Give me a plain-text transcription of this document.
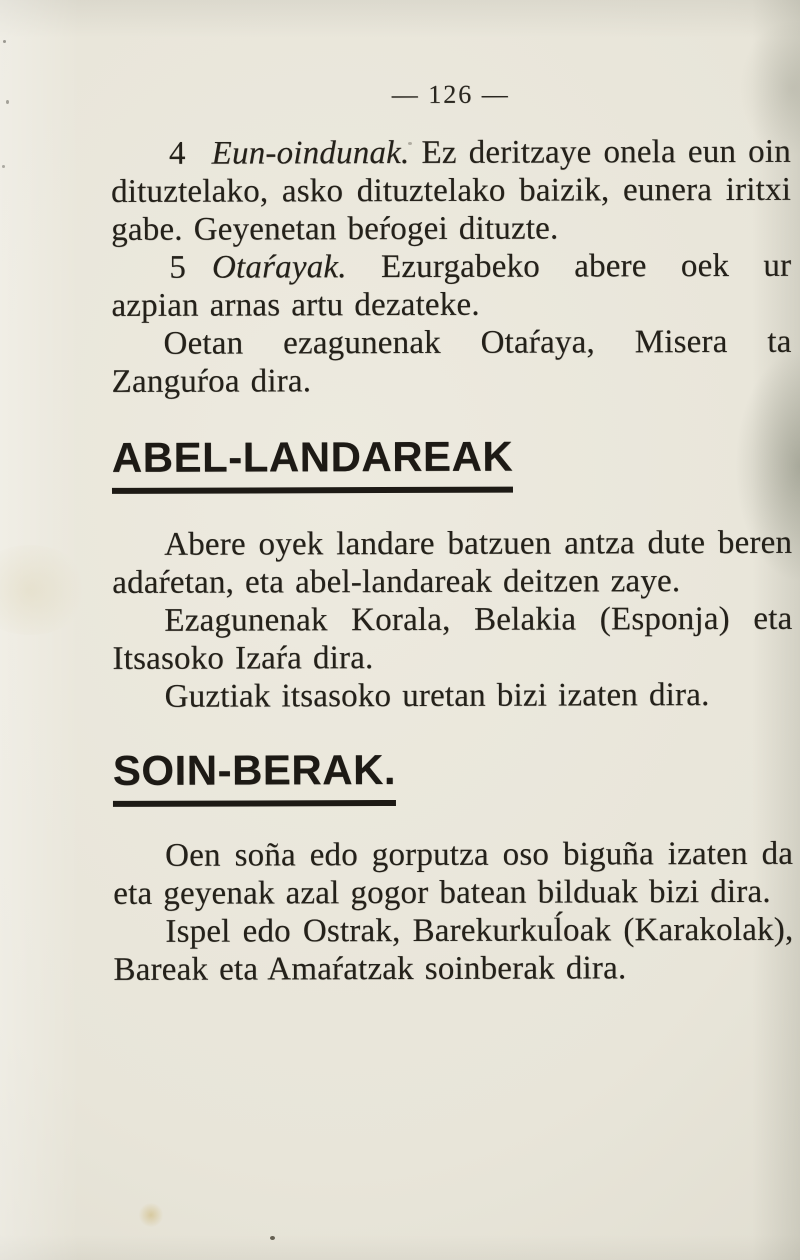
— 126 —

4 Eun-oindunak. Ez deritzaye onela eun oin dituztelako, asko dituztelako baizik, eunera iritxi gabe. Geyenetan beŕogei dituzte.

5 Otaŕayak. Ezurgabeko abere oek ur azpian arnas artu dezateke.

Oetan ezagunenak Otaŕaya, Misera ta Zanguŕoa dira.

ABEL-LANDAREAK

Abere oyek landare batzuen antza dute beren adaŕetan, eta abel-landareak deitzen zaye.

Ezagunenak Korala, Belakia (Esponja) eta Itsasoko Izaŕa dira.

Guztiak itsasoko uretan bizi izaten dira.

SOIN-BERAK.

Oen soña edo gorputza oso biguña izaten da eta geyenak azal gogor batean bilduak bizi dira.

Ispel edo Ostrak, Barekurkuĺoak (Karakolak), Bareak eta Amaŕatzak soinberak dira.
